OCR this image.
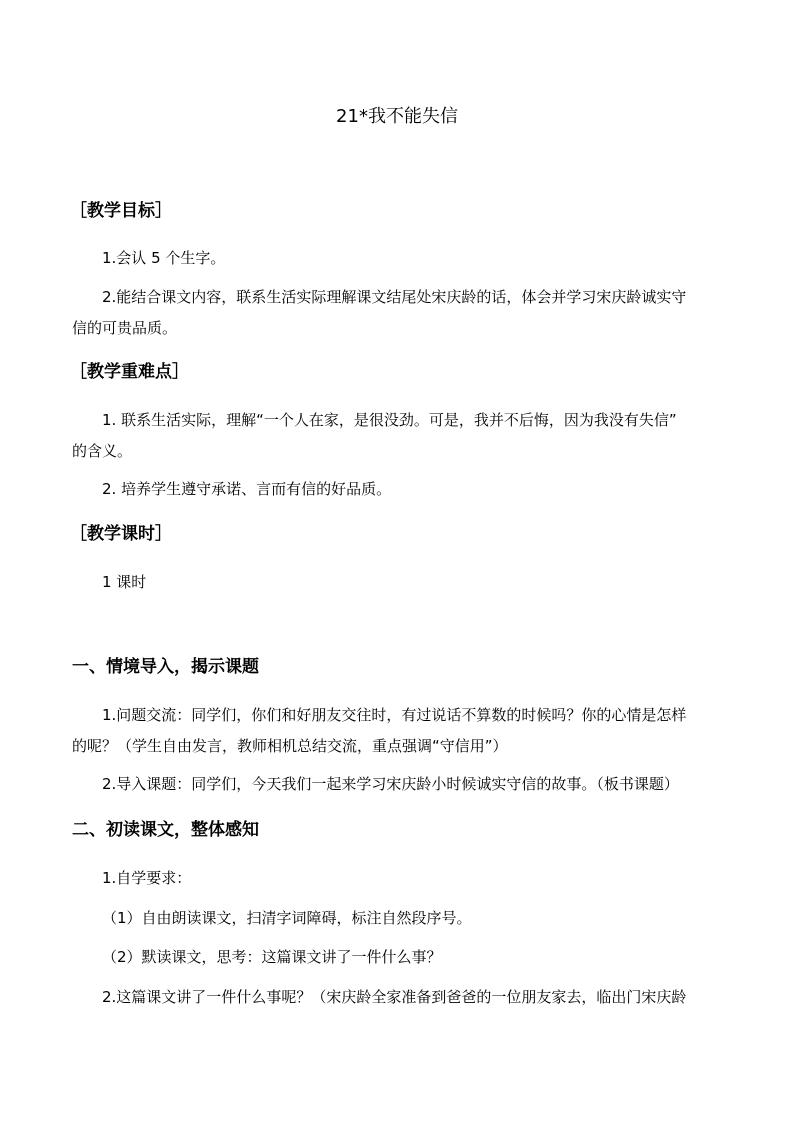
21*我不能失信
［教学目标］
1.会认 5 个生字。
2.能结合课文内容，联系生活实际理解课文结尾处宋庆龄的话，体会并学习宋庆龄诚实守
信的可贵品质。
［教学重难点］
1. 联系生活实际，理解“一个人在家，是很没劲。可是，我并不后悔，因为我没有失信”
的含义。
2. 培养学生遵守承诺、言而有信的好品质。
［教学课时］
1 课时
一、情境导入，揭示课题
1.问题交流：同学们，你们和好朋友交往时，有过说话不算数的时候吗？你的心情是怎样
的呢？（学生自由发言，教师相机总结交流，重点强调“守信用”）
2.导入课题：同学们，今天我们一起来学习宋庆龄小时候诚实守信的故事。（板书课题）
二、初读课文，整体感知
1.自学要求：
（1）自由朗读课文，扫清字词障碍，标注自然段序号。
（2）默读课文，思考：这篇课文讲了一件什么事？
2.这篇课文讲了一件什么事呢？（宋庆龄全家准备到爸爸的一位朋友家去，临出门宋庆龄
